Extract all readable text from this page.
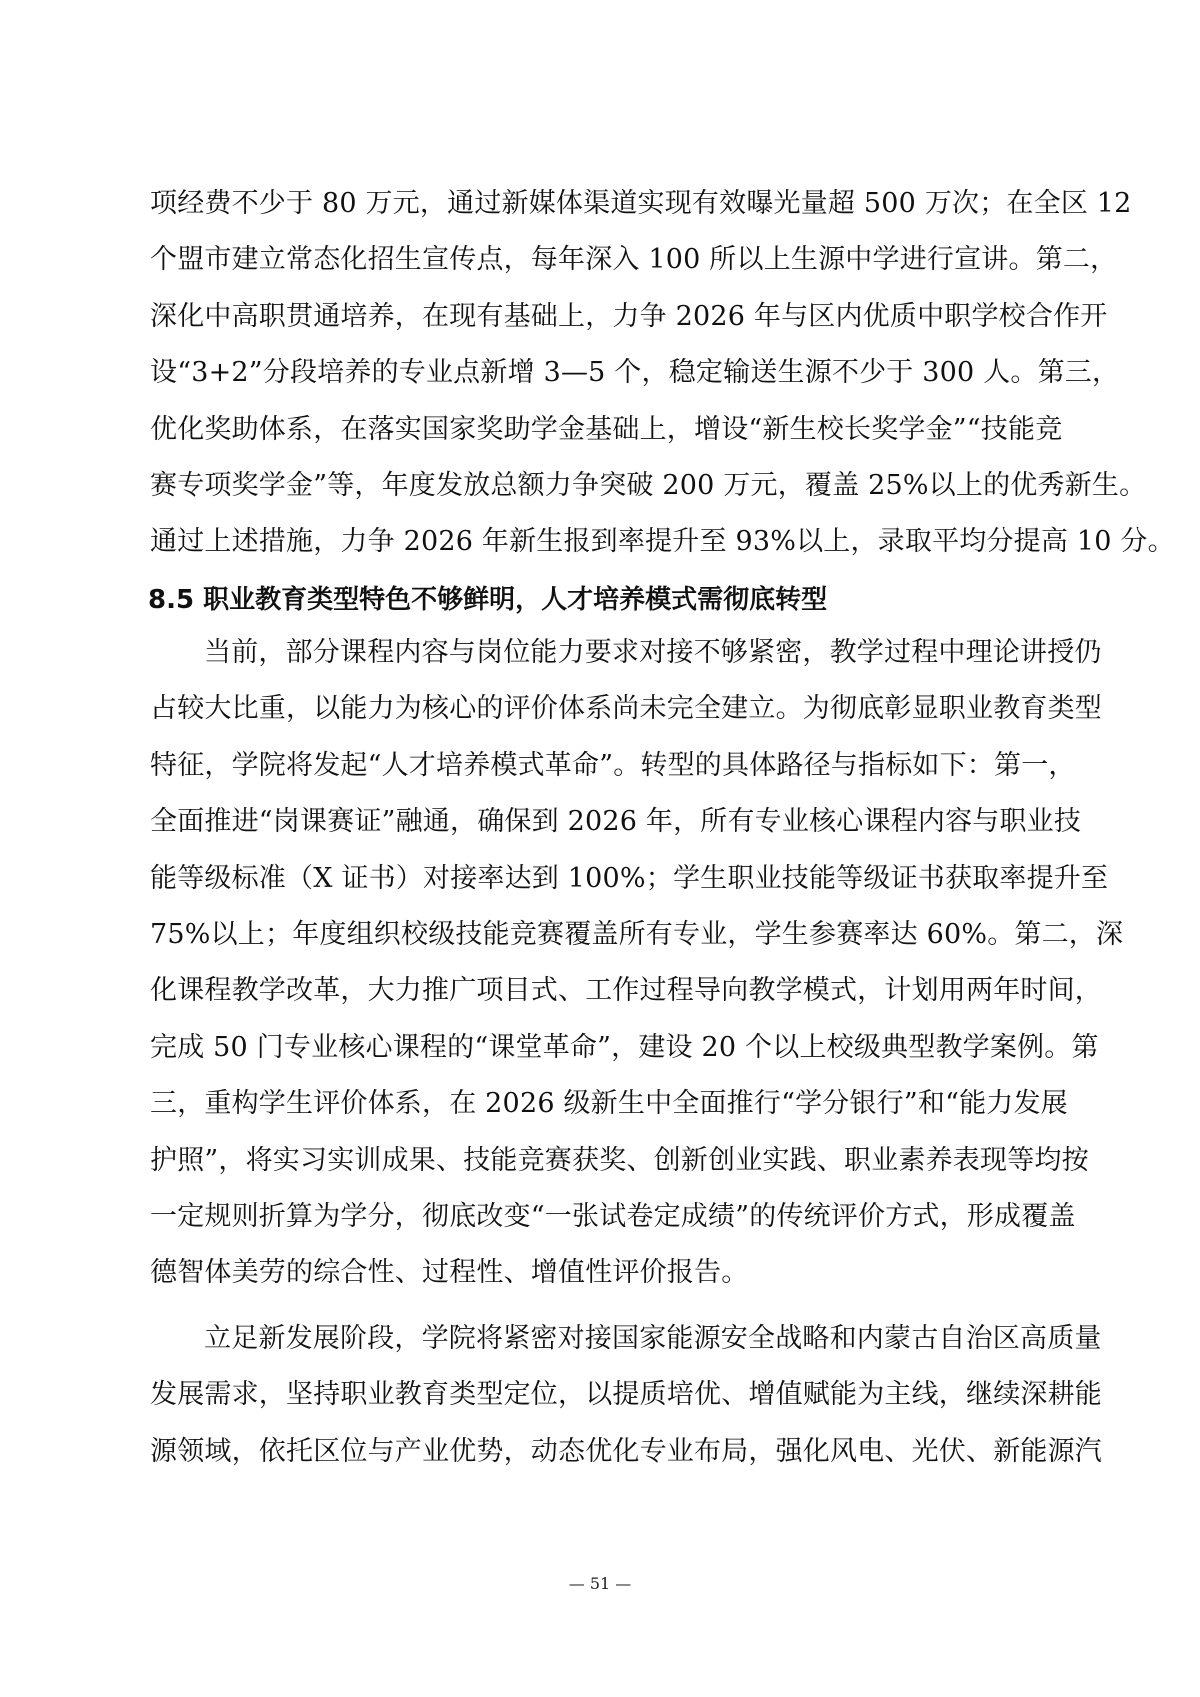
项经费不少于 80 万元，通过新媒体渠道实现有效曝光量超 500 万次；在全区 12
个盟市建立常态化招生宣传点，每年深入 100 所以上生源中学进行宣讲。第二，
深化中高职贯通培养，在现有基础上，力争 2026 年与区内优质中职学校合作开
设“3+2”分段培养的专业点新增 3—5 个，稳定输送生源不少于 300 人。第三，
优化奖助体系，在落实国家奖助学金基础上，增设“新生校长奖学金”“技能竞
赛专项奖学金”等，年度发放总额力争突破 200 万元，覆盖 25%以上的优秀新生。
通过上述措施，力争 2026 年新生报到率提升至 93%以上，录取平均分提高 10 分。
8.5 职业教育类型特色不够鲜明，人才培养模式需彻底转型
当前，部分课程内容与岗位能力要求对接不够紧密，教学过程中理论讲授仍
占较大比重，以能力为核心的评价体系尚未完全建立。为彻底彰显职业教育类型
特征，学院将发起“人才培养模式革命”。转型的具体路径与指标如下：第一，
全面推进“岗课赛证”融通，确保到 2026 年，所有专业核心课程内容与职业技
能等级标准（X 证书）对接率达到 100%；学生职业技能等级证书获取率提升至
75%以上；年度组织校级技能竞赛覆盖所有专业，学生参赛率达 60%。第二，深
化课程教学改革，大力推广项目式、工作过程导向教学模式，计划用两年时间，
完成 50 门专业核心课程的“课堂革命”，建设 20 个以上校级典型教学案例。第
三，重构学生评价体系，在 2026 级新生中全面推行“学分银行”和“能力发展
护照”，将实习实训成果、技能竞赛获奖、创新创业实践、职业素养表现等均按
一定规则折算为学分，彻底改变“一张试卷定成绩”的传统评价方式，形成覆盖
德智体美劳的综合性、过程性、增值性评价报告。
立足新发展阶段，学院将紧密对接国家能源安全战略和内蒙古自治区高质量
发展需求，坚持职业教育类型定位，以提质培优、增值赋能为主线，继续深耕能
源领域，依托区位与产业优势，动态优化专业布局，强化风电、光伏、新能源汽
— 51 —
